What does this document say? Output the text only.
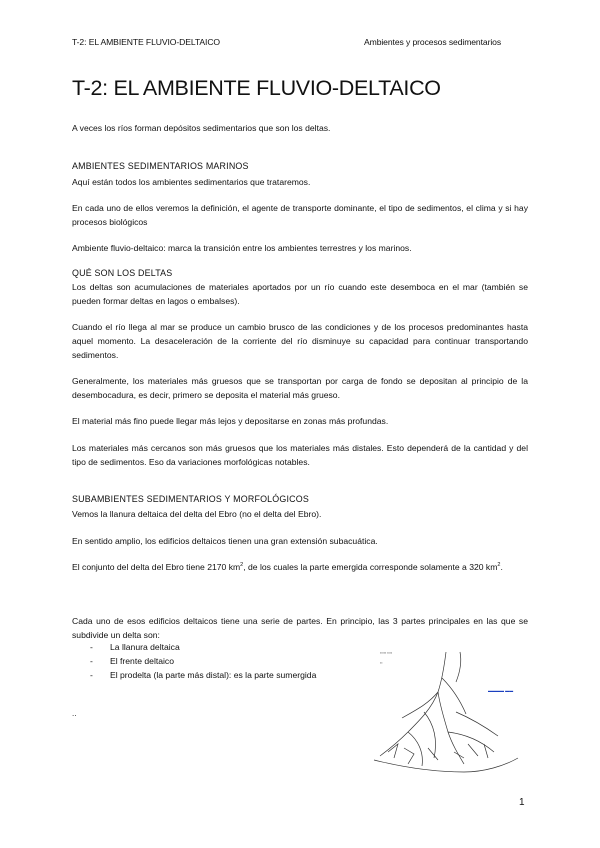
T-2: EL AMBIENTE FLUVIO-DELTAICO	Ambientes y procesos sedimentarios
T-2: EL AMBIENTE FLUVIO-DELTAICO

A veces los ríos forman depósitos sedimentarios que son los deltas.

AMBIENTES SEDIMENTARIOS MARINOS

Aquí están todos los ambientes sedimentarios que trataremos.

En cada uno de ellos veremos la definición, el agente de transporte dominante, el tipo de sedimentos, el clima y si hay procesos biológicos

Ambiente fluvio-deltaico: marca la transición entre los ambientes terrestres y los marinos.

QUÉ SON LOS DELTAS

Los deltas son acumulaciones de materiales aportados por un río cuando este desemboca en el mar (también se pueden formar deltas en lagos o embalses).

Cuando el río llega al mar se produce un cambio brusco de las condiciones y de los procesos predominantes hasta aquel momento. La desaceleración de la corriente del río disminuye su capacidad para continuar transportando sedimentos.

Generalmente, los materiales más gruesos que se transportan por carga de fondo se depositan al principio de la desembocadura, es decir, primero se deposita el material más grueso.

El material más fino puede llegar más lejos y depositarse en zonas más profundas.

Los materiales más cercanos son más gruesos que los materiales más distales. Esto dependerá de la cantidad y del tipo de sedimentos. Eso da variaciones morfológicas notables.

SUBAMBIENTES SEDIMENTARIOS Y MORFOLÓGICOS

Vemos la llanura deltaica del delta del Ebro (no el delta del Ebro).

En sentido amplio, los edificios deltaicos tienen una gran extensión subacuática.

El conjunto del delta del Ebro tiene 2170 $km^2$, de los cuales la parte emergida corresponde solamente a 320 $km^2$.

Cada uno de esos edificios deltaicos tiene una serie de partes. En principio, las 3 partes principales en las que se subdivide un delta son:

- La llanura deltaica
- El frente deltaico
- El prodelta (la parte más distal): es la parte sumergida
..
▬▬▬▬ ▬▬
▪▪▪▪▪ ▪▪▪▪
▪▪
1
